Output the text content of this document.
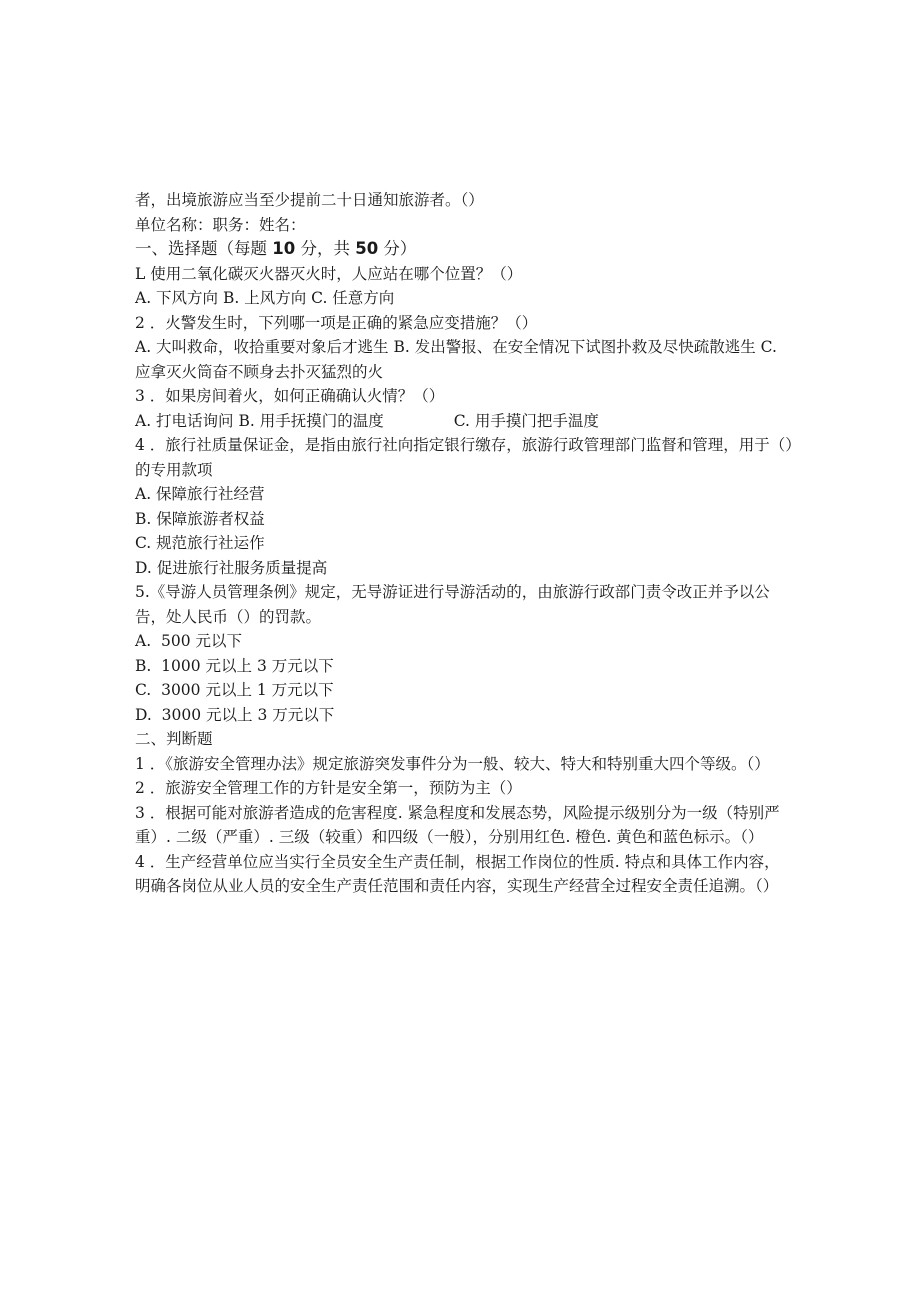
者，出境旅游应当至少提前二十日通知旅游者。（）

单位名称：职务：姓名：

一、选择题（每题 10 分，共 50 分）

L 使用二氧化碳灭火器灭火时，人应站在哪个位置？（）

A. 下风方向 B. 上风方向 C. 任意方向

2 ．火警发生时，下列哪一项是正确的紧急应变措施？（）

A. 大叫救命，收拾重要对象后才逃生 B. 发出警报、在安全情况下试图扑救及尽快疏散逃生 C. 应拿灭火筒奋不顾身去扑灭猛烈的火

3 ．如果房间着火，如何正确确认火情？（）

A. 打电话询问 B. 用手抚摸门的温度	C. 用手摸门把手温度

4 ．旅行社质量保证金，是指由旅行社向指定银行缴存，旅游行政管理部门监督和管理，用于（）的专用款项

A. 保障旅行社经营

B. 保障旅游者权益

C. 规范旅行社运作

D. 促进旅行社服务质量提高

5.《导游人员管理条例》规定，无导游证进行导游活动的，由旅游行政部门责令改正并予以公告，处人民币（）的罚款。

A.  500 元以下

B.  1000 元以上 3 万元以下

C.  3000 元以上 1 万元以下

D.  3000 元以上 3 万元以下

二、判断题

1 ．《旅游安全管理办法》规定旅游突发事件分为一般、较大、特大和特别重大四个等级。（）

2 ．旅游安全管理工作的方针是安全第一，预防为主（）

3 ．根据可能对旅游者造成的危害程度. 紧急程度和发展态势，风险提示级别分为一级（特别严重）. 二级（严重）. 三级（较重）和四级（一般），分别用红色. 橙色. 黄色和蓝色标示。（）

4 ．生产经营单位应当实行全员安全生产责任制，根据工作岗位的性质. 特点和具体工作内容，明确各岗位从业人员的安全生产责任范围和责任内容，实现生产经营全过程安全责任追溯。（）
